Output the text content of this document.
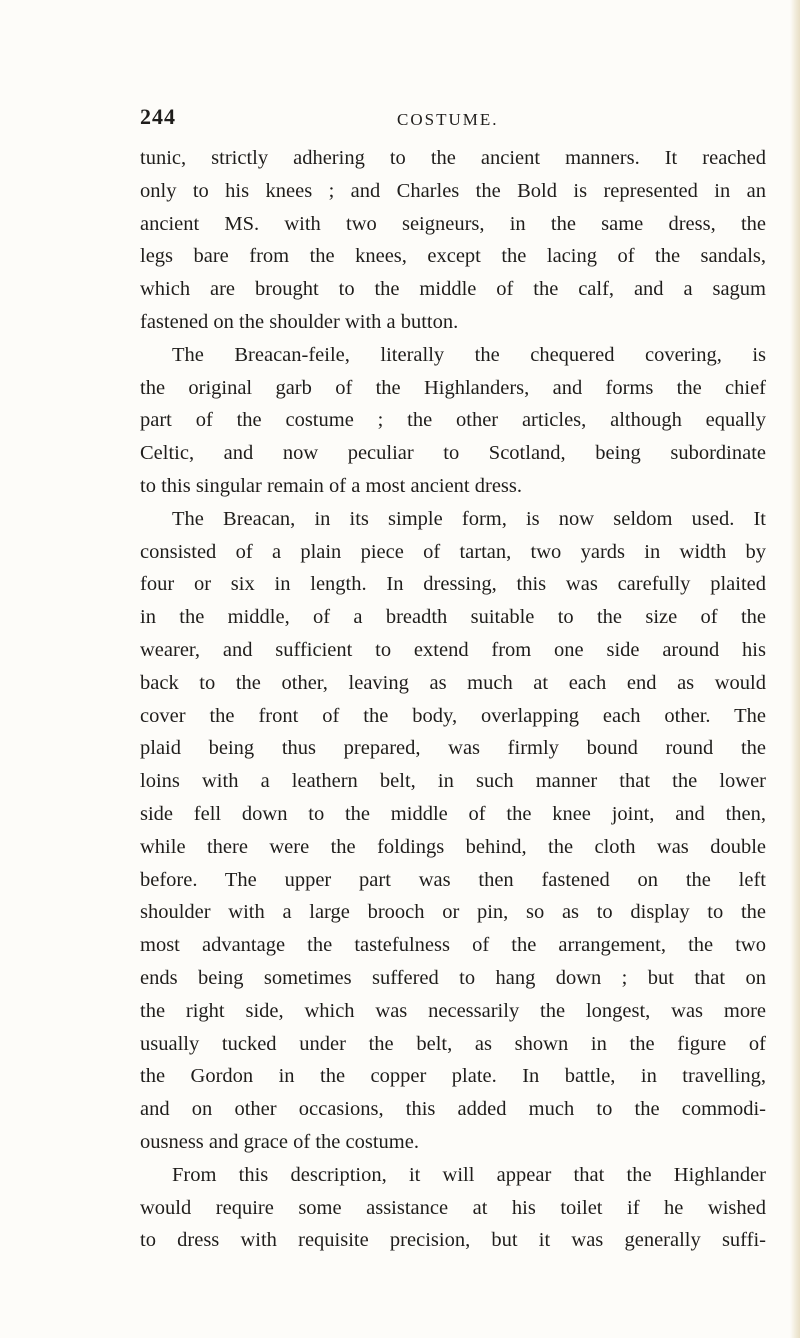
244	COSTUME.
tunic, strictly adhering to the ancient manners. It reached
only to his knees ; and Charles the Bold is represented in an
ancient MS. with two seigneurs, in the same dress, the
legs bare from the knees, except the lacing of the sandals,
which are brought to the middle of the calf, and a sagum
fastened on the shoulder with a button.
The Breacan-feile, literally the chequered covering, is
the original garb of the Highlanders, and forms the chief
part of the costume ; the other articles, although equally
Celtic, and now peculiar to Scotland, being subordinate
to this singular remain of a most ancient dress.
The Breacan, in its simple form, is now seldom used. It
consisted of a plain piece of tartan, two yards in width by
four or six in length. In dressing, this was carefully plaited
in the middle, of a breadth suitable to the size of the
wearer, and sufficient to extend from one side around his
back to the other, leaving as much at each end as would
cover the front of the body, overlapping each other. The
plaid being thus prepared, was firmly bound round the
loins with a leathern belt, in such manner that the lower
side fell down to the middle of the knee joint, and then,
while there were the foldings behind, the cloth was double
before. The upper part was then fastened on the left
shoulder with a large brooch or pin, so as to display to the
most advantage the tastefulness of the arrangement, the two
ends being sometimes suffered to hang down ; but that on
the right side, which was necessarily the longest, was more
usually tucked under the belt, as shown in the figure of
the Gordon in the copper plate. In battle, in travelling,
and on other occasions, this added much to the commodi-
ousness and grace of the costume.
From this description, it will appear that the Highlander
would require some assistance at his toilet if he wished
to dress with requisite precision, but it was generally suffi-
